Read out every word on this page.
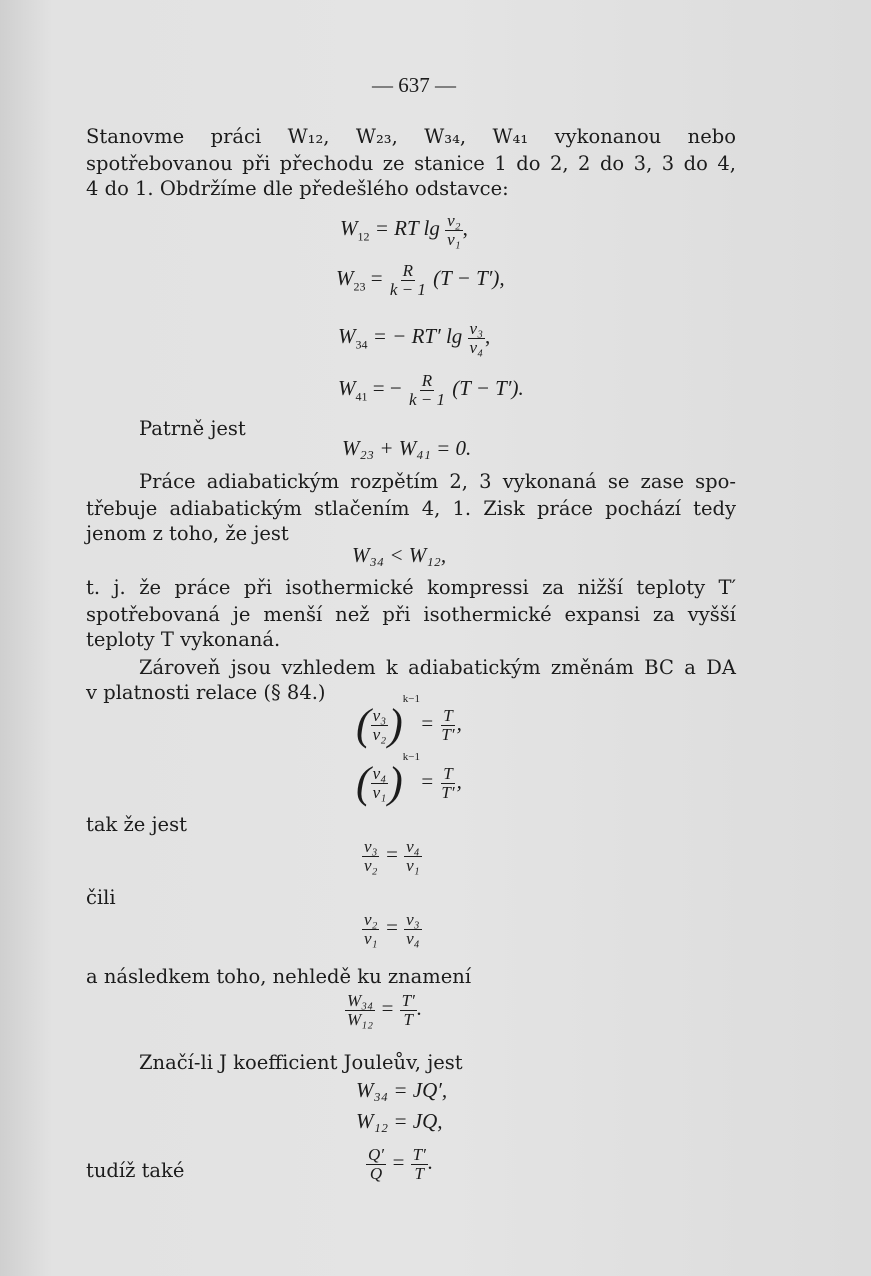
— 637 —
Stanovme práci W₁₂, W₂₃, W₃₄, W₄₁ vykonanou nebo
spotřebovanou při přechodu ze stanice 1 do 2, 2 do 3, 3 do 4,
4 do 1. Obdržíme dle předešlého odstavce:
$W_{12}$ = RT $\lg \frac{\text{v₂}}{\text{v₁}}$ ,
$W_{23} = \frac{R}{k - 1} (T - T')$,
$W_{34}$ = − RT′ $\lg \frac{\text{v₃}}{\text{v₄}}$ ,
$W_{41}$ = − $\frac{R}{k - 1} (T - T')$.
Patrně jest
W₂₃ + W₄₁ = 0.
Práce adiabatickým rozpětím 2, 3 vykonaná se zase spo-
třebuje adiabatickým stlačením 4, 1. Zisk práce pochází tedy
jenom z toho, že jest
W₃₄ < W₁₂,
t. j. že práce při isothermické kompressi za nižší teploty T′
spotřebovaná je menší než při isothermické expansi za vyšší
teploty T vykonaná.
Zároveň jsou vzhledem k adiabatickým změnám BC a DA
v platnosti relace (§ 84.)
( $\frac{\text{v₃}}{\text{v₂}} )^{k-1}= \frac{T}{T'}$ ,
( $\frac{\text{v₄}}{\text{v₁}} )^{k-1}= \frac{T}{T'}$ ,
tak že jest
$\frac{\text{v₃}}{\text{v₂}} = \frac{\text{v₄}}{\text{v₁}}$
čili
$\frac{\text{v₂}}{\text{v₁}} = \frac{\text{v₃}}{\text{v₄}}$
a následkem toho, nehledě ku znamení
$\frac{\text{W₃₄}}{\text{W₁₂}} = \frac{T'}{T}$ .
Značí-li J koefficient Jouleův, jest
W₃₄ = JQ′,
W₁₂ = JQ,
tudíž také	$\frac{Q'}{Q} = \frac{T'}{T}$ .
